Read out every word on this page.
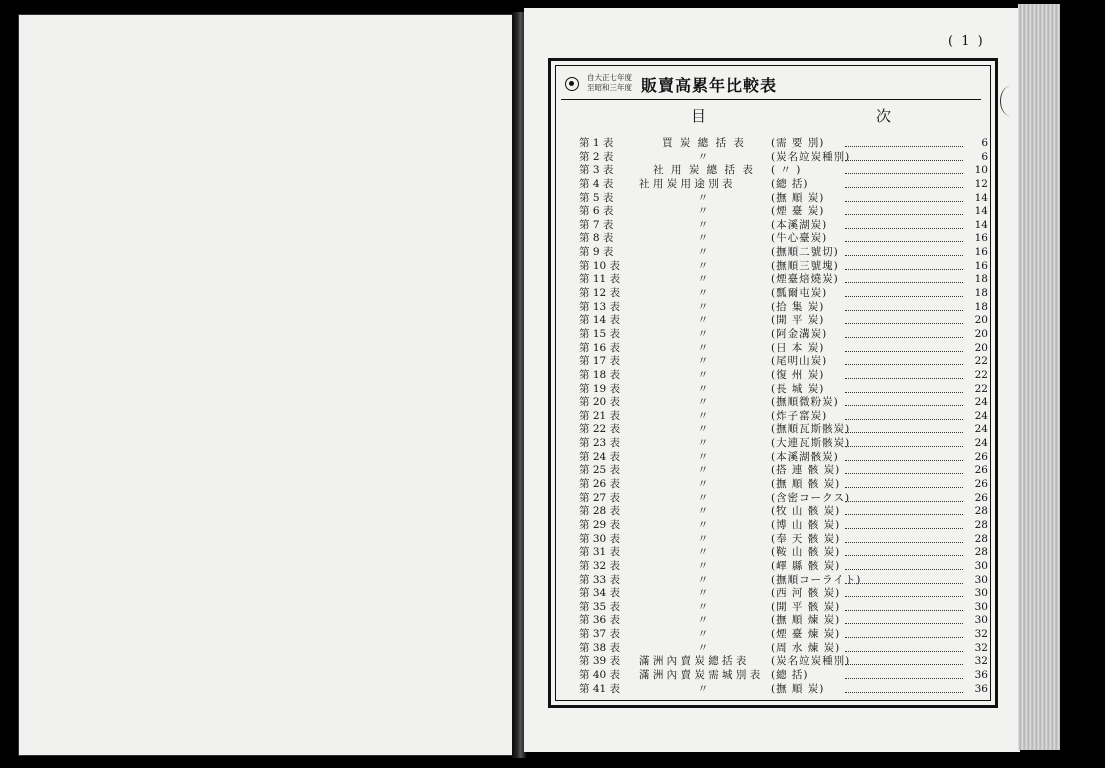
( 1 )
自大正七年度
至昭和三年度 販賣高累年比較表
目	次
第 1 表	買 炭 總 括 表	(需 要 別)	6
第 2 表	〃	(炭名竝炭種別)	6
第 3 表	社 用 炭 總 括 表	( 〃 )	10
第 4 表	社 用 炭 用 途 別 表	(總 括)	12
第 5 表	〃	(撫 順 炭)	14
第 6 表	〃	(煙 臺 炭)	14
第 7 表	〃	(本溪湖炭)	14
第 8 表	〃	(牛心臺炭)	16
第 9 表	〃	(撫順二號切)	16
第 10 表	〃	(撫順三號塊)	16
第 11 表	〃	(煙臺焙燒炭)	18
第 12 表	〃	(瓢爾屯炭)	18
第 13 表	〃	(拾 集 炭)	18
第 14 表	〃	(開 平 炭)	20
第 15 表	〃	(阿金溝炭)	20
第 16 表	〃	(日 本 炭)	20
第 17 表	〃	(尾明山炭)	22
第 18 表	〃	(復 州 炭)	22
第 19 表	〃	(長 城 炭)	22
第 20 表	〃	(撫順微粉炭)	24
第 21 表	〃	(炸子窰炭)	24
第 22 表	〃	(撫順瓦斯骸炭)	24
第 23 表	〃	(大連瓦斯骸炭)	24
第 24 表	〃	(本溪湖骸炭)	26
第 25 表	〃	(搭 連 骸 炭)	26
第 26 表	〃	(撫 順 骸 炭)	26
第 27 表	〃	(含密コークス)	26
第 28 表	〃	(牧 山 骸 炭)	28
第 29 表	〃	(博 山 骸 炭)	28
第 30 表	〃	(奉 天 骸 炭)	28
第 31 表	〃	(鞍 山 骸 炭)	28
第 32 表	〃	(嶧 縣 骸 炭)	30
第 33 表	〃	(撫順コーライト)	30
第 34 表	〃	(西 河 骸 炭)	30
第 35 表	〃	(開 平 骸 炭)	30
第 36 表	〃	(撫 順 煉 炭)	30
第 37 表	〃	(煙 臺 煉 炭)	32
第 38 表	〃	(周 水 煉 炭)	32
第 39 表	滿 洲 內 賣 炭 總 括 表	(炭名竝炭種別)	32
第 40 表	滿 洲 內 賣 炭 需 城 別 表	(總 括)	36
第 41 表	〃	(撫 順 炭)	36
